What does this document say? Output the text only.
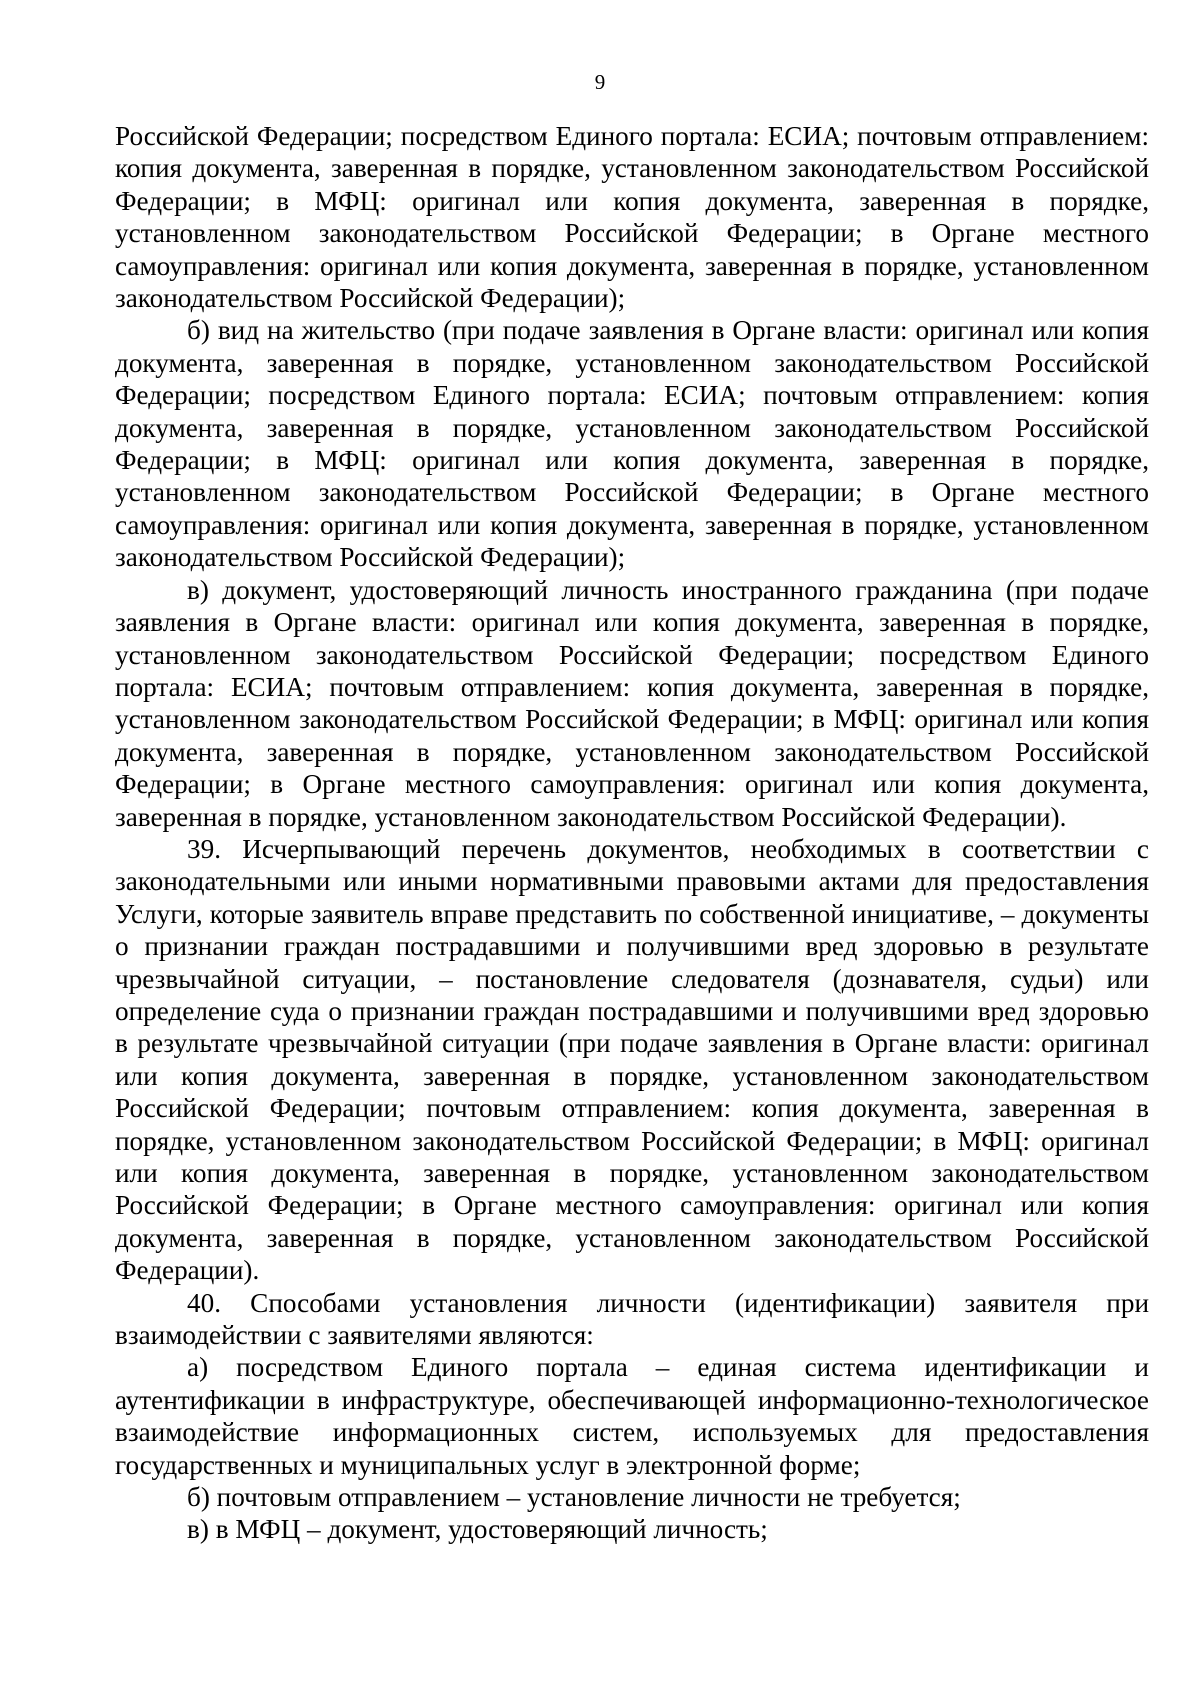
9

Российской Федерации; посредством Единого портала: ЕСИА; почтовым отправлением: копия документа, заверенная в порядке, установленном законодательством Российской Федерации; в МФЦ: оригинал или копия документа, заверенная в порядке, установленном законодательством Российской Федерации; в Органе местного самоуправления: оригинал или копия документа, заверенная в порядке, установленном законодательством Российской Федерации);

б) вид на жительство (при подаче заявления в Органе власти: оригинал или копия документа, заверенная в порядке, установленном законодательством Российской Федерации; посредством Единого портала: ЕСИА; почтовым отправлением: копия документа, заверенная в порядке, установленном законодательством Российской Федерации; в МФЦ: оригинал или копия документа, заверенная в порядке, установленном законодательством Российской Федерации; в Органе местного самоуправления: оригинал или копия документа, заверенная в порядке, установленном законодательством Российской Федерации);

в) документ, удостоверяющий личность иностранного гражданина (при подаче заявления в Органе власти: оригинал или копия документа, заверенная в порядке, установленном законодательством Российской Федерации; посредством Единого портала: ЕСИА; почтовым отправлением: копия документа, заверенная в порядке, установленном законодательством Российской Федерации; в МФЦ: оригинал или копия документа, заверенная в порядке, установленном законодательством Российской Федерации; в Органе местного самоуправления: оригинал или копия документа, заверенная в порядке, установленном законодательством Российской Федерации).

39. Исчерпывающий перечень документов, необходимых в соответствии с законодательными или иными нормативными правовыми актами для предоставления Услуги, которые заявитель вправе представить по собственной инициативе, – документы о признании граждан пострадавшими и получившими вред здоровью в результате чрезвычайной ситуации, – постановление следователя (дознавателя, судьи) или определение суда о признании граждан пострадавшими и получившими вред здоровью в результате чрезвычайной ситуации (при подаче заявления в Органе власти: оригинал или копия документа, заверенная в порядке, установленном законодательством Российской Федерации; почтовым отправлением: копия документа, заверенная в порядке, установленном законодательством Российской Федерации; в МФЦ: оригинал или копия документа, заверенная в порядке, установленном законодательством Российской Федерации; в Органе местного самоуправления: оригинал или копия документа, заверенная в порядке, установленном законодательством Российской Федерации).

40. Способами установления личности (идентификации) заявителя при взаимодействии с заявителями являются:

а) посредством Единого портала – единая система идентификации и аутентификации в инфраструктуре, обеспечивающей информационно-технологическое взаимодействие информационных систем, используемых для предоставления государственных и муниципальных услуг в электронной форме;

б) почтовым отправлением – установление личности не требуется;

в) в МФЦ – документ, удостоверяющий личность;
